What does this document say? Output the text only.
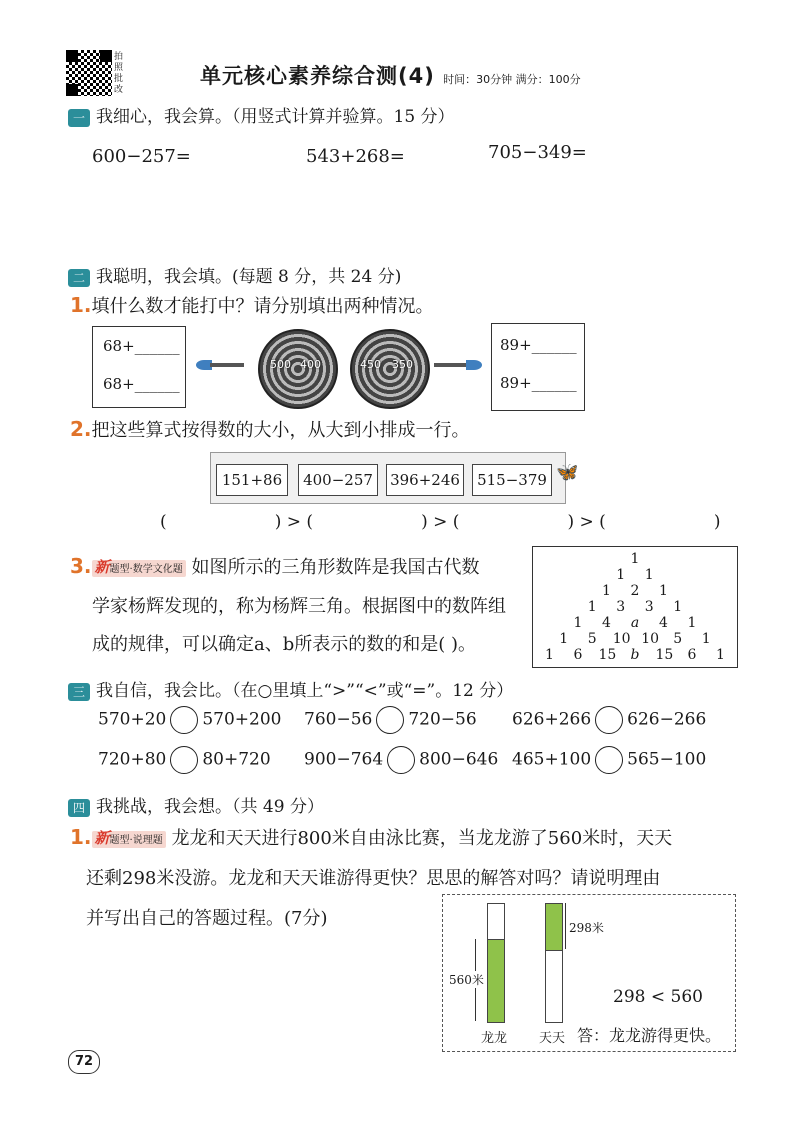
拍照批改
单元核心素养综合测(4) 时间：30分钟 满分：100分
一 我细心，我会算。（用竖式计算并验算。15 分）
600−257=	543+268=	705−349=
二 我聪明，我会填。(每题 8 分，共 24 分)
1.填什么数才能打中？请分别填出两种情况。
68+______
68+______
500 400	450 350
89+______
89+______
2.把这些算式按得数的大小，从大到小排成一行。
151+86	400−257	396+246	515−379 🦋
(                    ) > (                    ) > (                    ) > (                    )
3. 新题型·数学文化题 如图所示的三角形数阵是我国古代数
学家杨辉发现的，称为杨辉三角。根据图中的数阵组
成的规律，可以确定a、b所表示的数的和是( )。
1
1 1
1 2 1
1 3 3 1
1 4 a 4 1
1 5 10 10 5 1
1 6 15 b 15 6 1
三 我自信，我会比。（在○里填上“>”“<”或“=”。12 分）
570+20 570+200 760−56 720−56 626+266 626−266
720+80 80+720 900−764 800−646 465+100 565−100
四 我挑战，我会想。（共 49 分）
1. 新题型·说理题 龙龙和天天进行800米自由泳比赛，当龙龙游了560米时，天天
还剩298米没游。龙龙和天天谁游得更快？思思的解答对吗？请说明理由
并写出自己的答题过程。(7分)
560米
龙龙
298米
天天
298 < 560
答：龙龙游得更快。
72
